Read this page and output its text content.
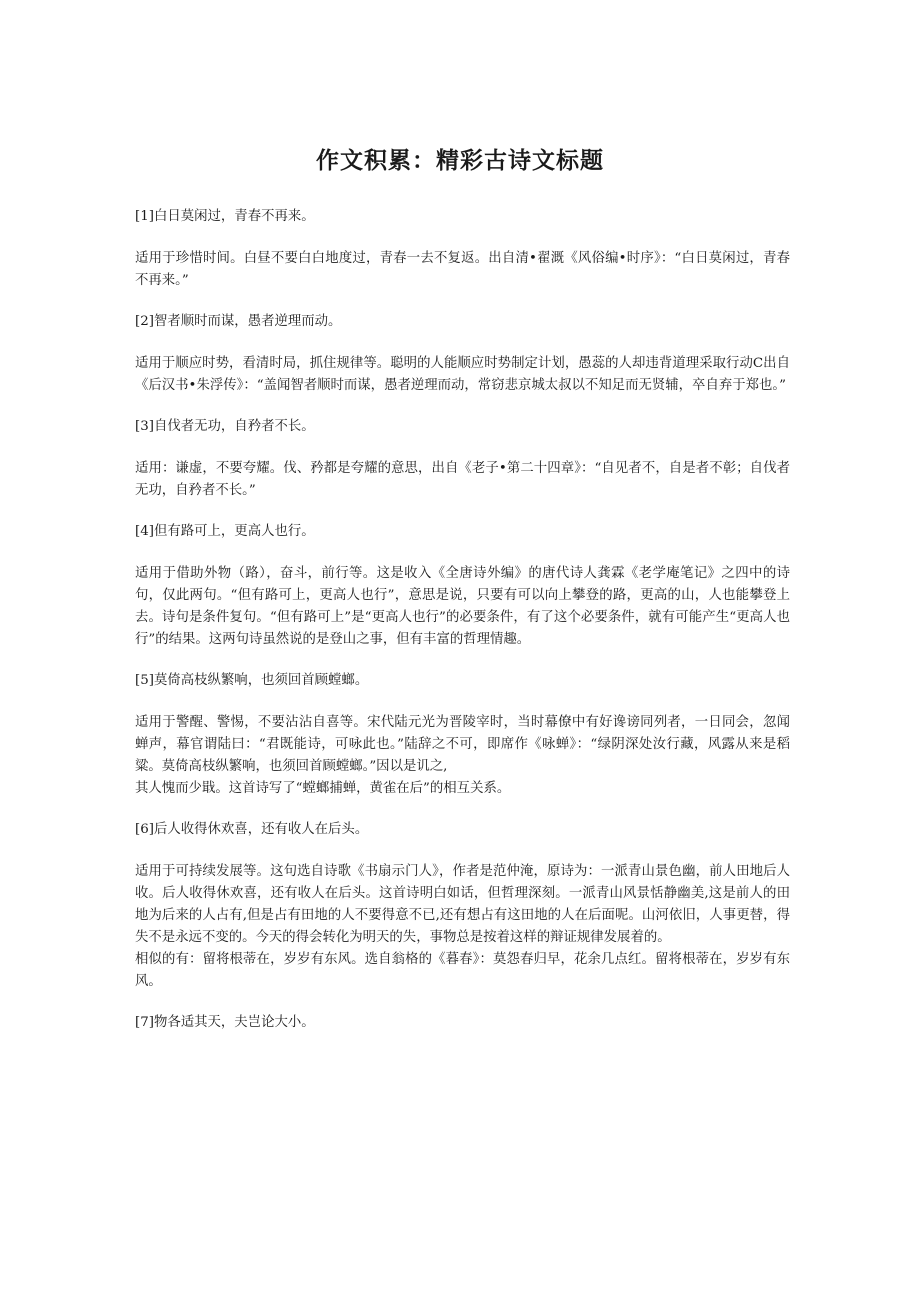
作文积累：精彩古诗文标题

[1]白日莫闲过，青春不再来。

适用于珍惜时间。白昼不要白白地度过，青春一去不复返。出自清•翟溉《风俗编•时序》：“白日莫闲过，青春不再来。”

[2]智者顺时而谋，愚者逆理而动。

适用于顺应时势，看清时局，抓住规律等。聪明的人能顺应时势制定计划，愚蕊的人却违背道理采取行动C出自《后汉书•朱浮传》：“盖闻智者顺时而谋，愚者逆理而动，常窃悲京城太叔以不知足而无贤辅，卒自弃于郑也。”

[3]自伐者无功，自矜者不长。

适用：谦虚，不要夸耀。伐、矜都是夸耀的意思，出自《老子•第二十四章》：“自见者不，自是者不彰；自伐者无功，自矜者不长。”

[4]但有路可上，更高人也行。

适用于借助外物（路），奋斗，前行等。这是收入《全唐诗外编》的唐代诗人龚霖《老学庵笔记》之四中的诗句，仅此两句。“但有路可上，更高人也行”，意思是说，只要有可以向上攀登的路，更高的山，人也能攀登上去。诗句是条件复句。“但有路可上”是“更高人也行”的必要条件，有了这个必要条件，就有可能产生“更高人也行”的结果。这两句诗虽然说的是登山之事，但有丰富的哲理情趣。

[5]莫倚高枝纵繁响，也须回首顾螳螂。

适用于警醒、警惕，不要沾沾自喜等。宋代陆元光为晋陵宰时，当时幕僚中有好谗谤同列者，一日同会，忽闻蝉声，幕官谓陆曰：“君既能诗，可咏此也。”陆辞之不可，即席作《咏蝉》：“绿阴深处汝行藏，风露从来是稻粱。莫倚高枝纵繁响，也须回首顾螳螂。”因以是讥之,

其人愧而少戢。这首诗写了“螳螂捕蝉，黄雀在后”的相互关系。

[6]后人收得休欢喜，还有收人在后头。

适用于可持续发展等。这句选自诗歌《书扇示门人》，作者是范仲淹，原诗为：一派青山景色幽，前人田地后人收。后人收得休欢喜，还有收人在后头。这首诗明白如话，但哲理深刻。一派青山风景恬静幽美,这是前人的田地为后来的人占有,但是占有田地的人不要得意不已,还有想占有这田地的人在后面呢。山河依旧，人事更替，得失不是永远不变的。今天的得会转化为明天的失，事物总是按着这样的辩证规律发展着的。

相似的有：留将根蒂在，岁岁有东风。选自翁格的《暮春》：莫怨春归早，花余几点红。留将根蒂在，岁岁有东风。

[7]物各适其天，夫岂论大小。
